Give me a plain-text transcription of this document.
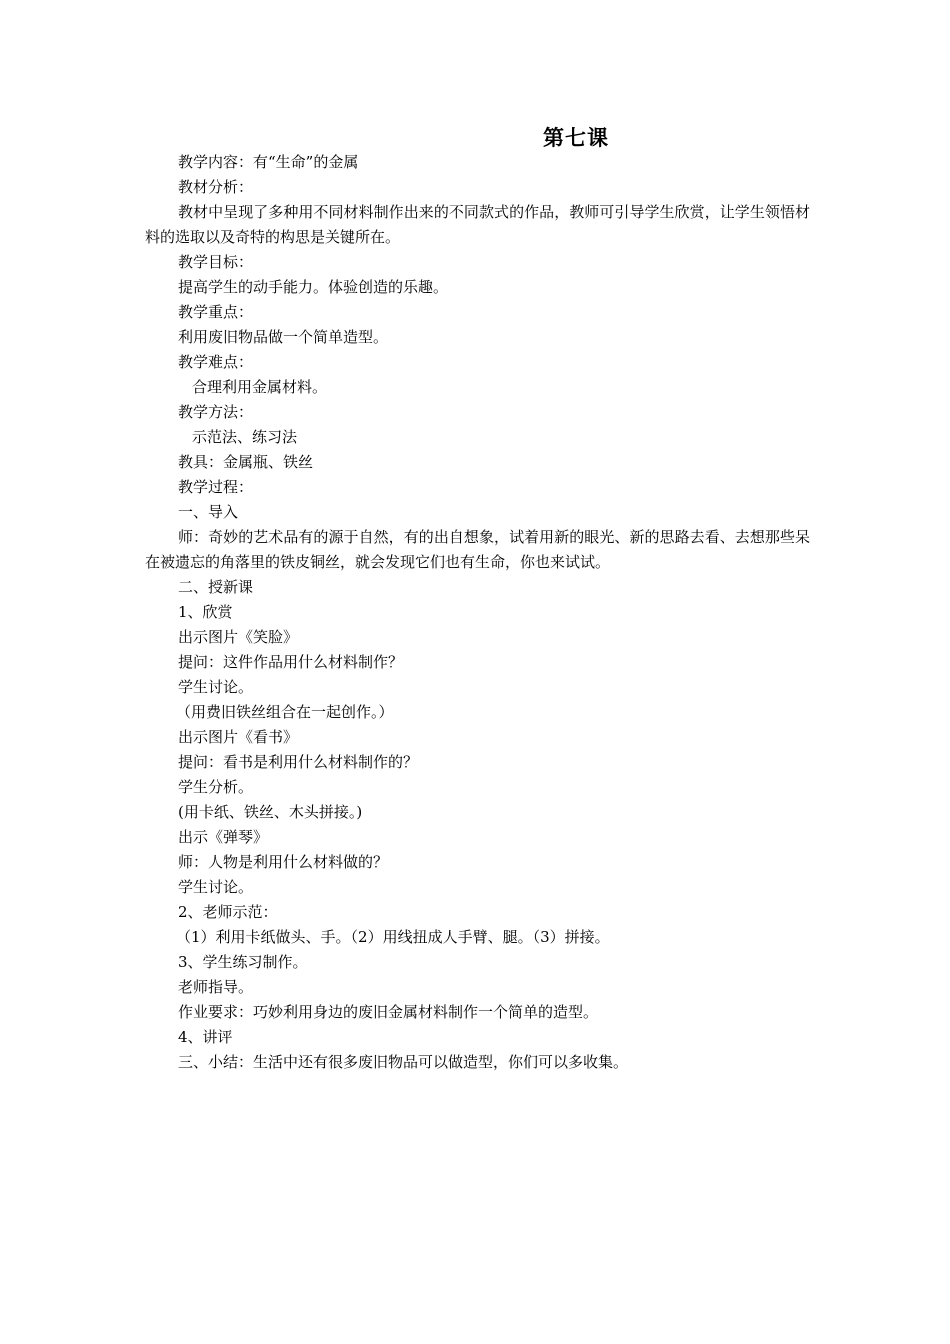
第七课

教学内容：有“生命”的金属

教材分析：

教材中呈现了多种用不同材料制作出来的不同款式的作品，教师可引导学生欣赏，让学生领悟材料的选取以及奇特的构思是关键所在。

教学目标：

提高学生的动手能力。体验创造的乐趣。

教学重点：

利用废旧物品做一个简单造型。

教学难点：

合理利用金属材料。

教学方法：

示范法、练习法

教具：金属瓶、铁丝

教学过程：

一、导入

师：奇妙的艺术品有的源于自然，有的出自想象，试着用新的眼光、新的思路去看、去想那些呆在被遗忘的角落里的铁皮铜丝，就会发现它们也有生命，你也来试试。

二、授新课

1、欣赏

出示图片《笑脸》

提问：这件作品用什么材料制作？

学生讨论。

（用费旧铁丝组合在一起创作。）

出示图片《看书》

提问：看书是利用什么材料制作的？

学生分析。

(用卡纸、铁丝、木头拼接。)

出示《弹琴》

师：人物是利用什么材料做的？

学生讨论。

2、老师示范：

（1）利用卡纸做头、手。（2）用线扭成人手臂、腿。（3）拼接。

3、学生练习制作。

老师指导。

作业要求：巧妙利用身边的废旧金属材料制作一个简单的造型。

4、讲评

三、小结：生活中还有很多废旧物品可以做造型，你们可以多收集。
